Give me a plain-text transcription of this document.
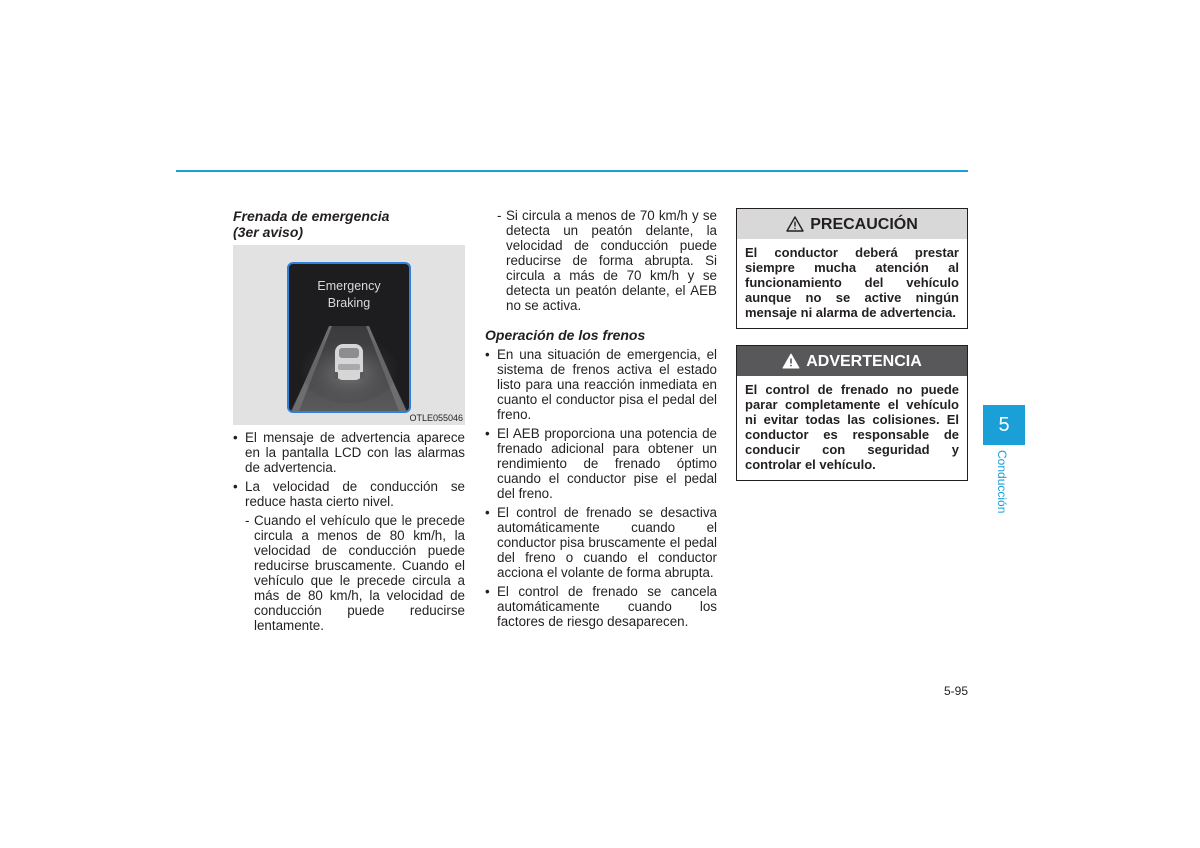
Frenada de emergencia
(3er aviso)
Emergency
Braking
OTLE055046
• El mensaje de advertencia aparece en la pantalla LCD con las alarmas de advertencia.
• La velocidad de conducción se reduce hasta cierto nivel.
- Cuando el vehículo que le precede circula a menos de 80 km/h, la velocidad de conducción puede reducirse bruscamente. Cuando el vehículo que le precede circula a más de 80 km/h, la velocidad de conducción puede reducirse lentamente.
- Si circula a menos de 70 km/h y se detecta un peatón delante, la velocidad de conducción puede reducirse de forma abrupta. Si circula a más de 70 km/h y se detecta un peatón delante, el AEB no se activa.
Operación de los frenos
• En una situación de emergencia, el sistema de frenos activa el estado listo para una reacción inmediata en cuanto el conductor pisa el pedal del freno.
• El AEB proporciona una potencia de frenado adicional para obtener un rendimiento de frenado óptimo cuando el conductor pise el pedal del freno.
• El control de frenado se desactiva automáticamente cuando el conductor pisa bruscamente el pedal del freno o cuando el conductor acciona el volante de forma abrupta.
• El control de frenado se cancela automáticamente cuando los factores de riesgo desaparecen.
PRECAUCIÓN
El conductor deberá prestar siempre mucha atención al funcionamiento del vehículo aunque no se active ningún mensaje ni alarma de advertencia.
ADVERTENCIA
El control de frenado no puede parar completamente el vehículo ni evitar todas las colisiones. El conductor es responsable de conducir con seguridad y controlar el vehículo.
5
Conducción
5-95
